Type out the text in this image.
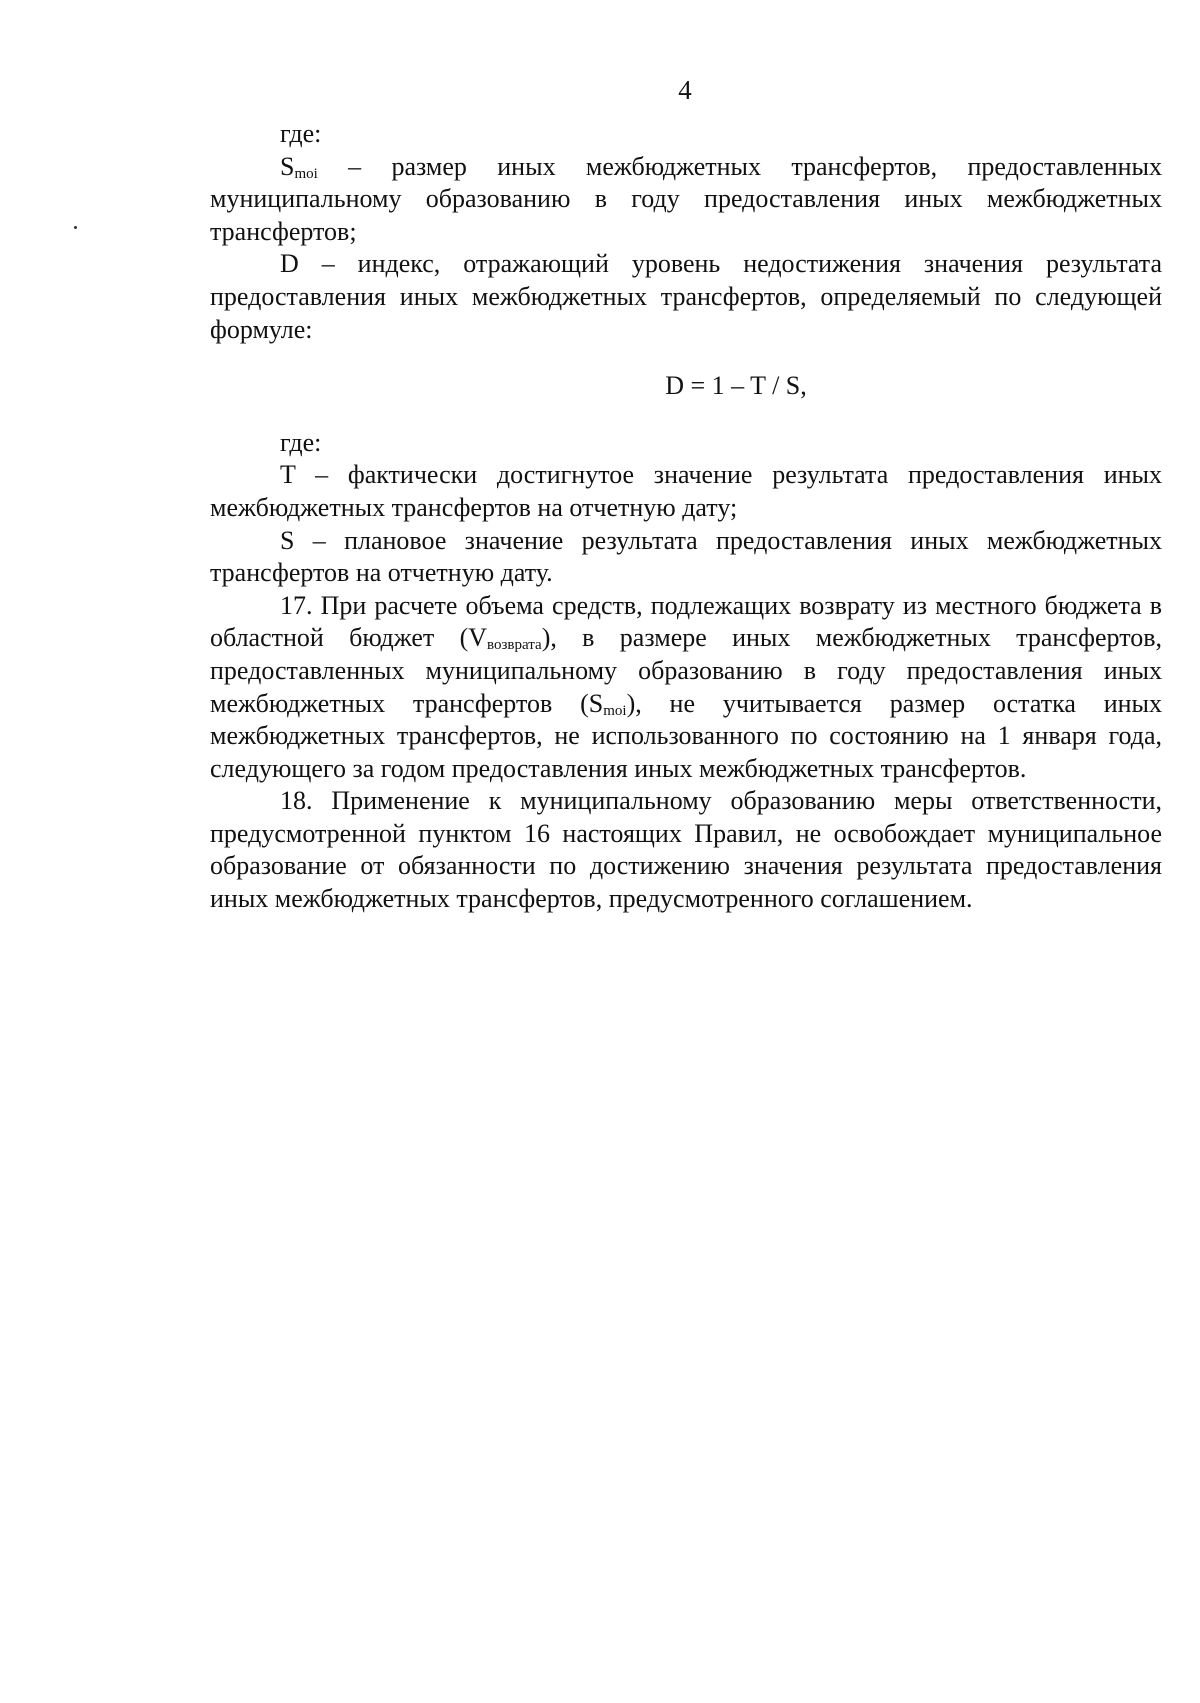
4

где:

$S_{moi}$ – размер иных межбюджетных трансфертов, предоставленных муниципальному образованию в году предоставления иных межбюджетных трансфертов;

D – индекс, отражающий уровень недостижения значения результата предоставления иных межбюджетных трансфертов, определяемый по следующей формуле:

D = 1 – T / S,

где:

T – фактически достигнутое значение результата предоставления иных межбюджетных трансфертов на отчетную дату;

S – плановое значение результата предоставления иных межбюджетных трансфертов на отчетную дату.

17. При расчете объема средств, подлежащих возврату из местного бюджета в областной бюджет $(V_{возврата})$, в размере иных межбюджетных трансфертов, предоставленных муниципальному образованию в году предоставления иных межбюджетных трансфертов $(S_{moi})$, не учитывается размер остатка иных межбюджетных трансфертов, не использованного по состоянию на 1 января года, следующего за годом предоставления иных межбюджетных трансфертов.

18. Применение к муниципальному образованию меры ответственности, предусмотренной пунктом 16 настоящих Правил, не освобождает муниципальное образование от обязанности по достижению значения результата предоставления иных межбюджетных трансфертов, предусмотренного соглашением.
